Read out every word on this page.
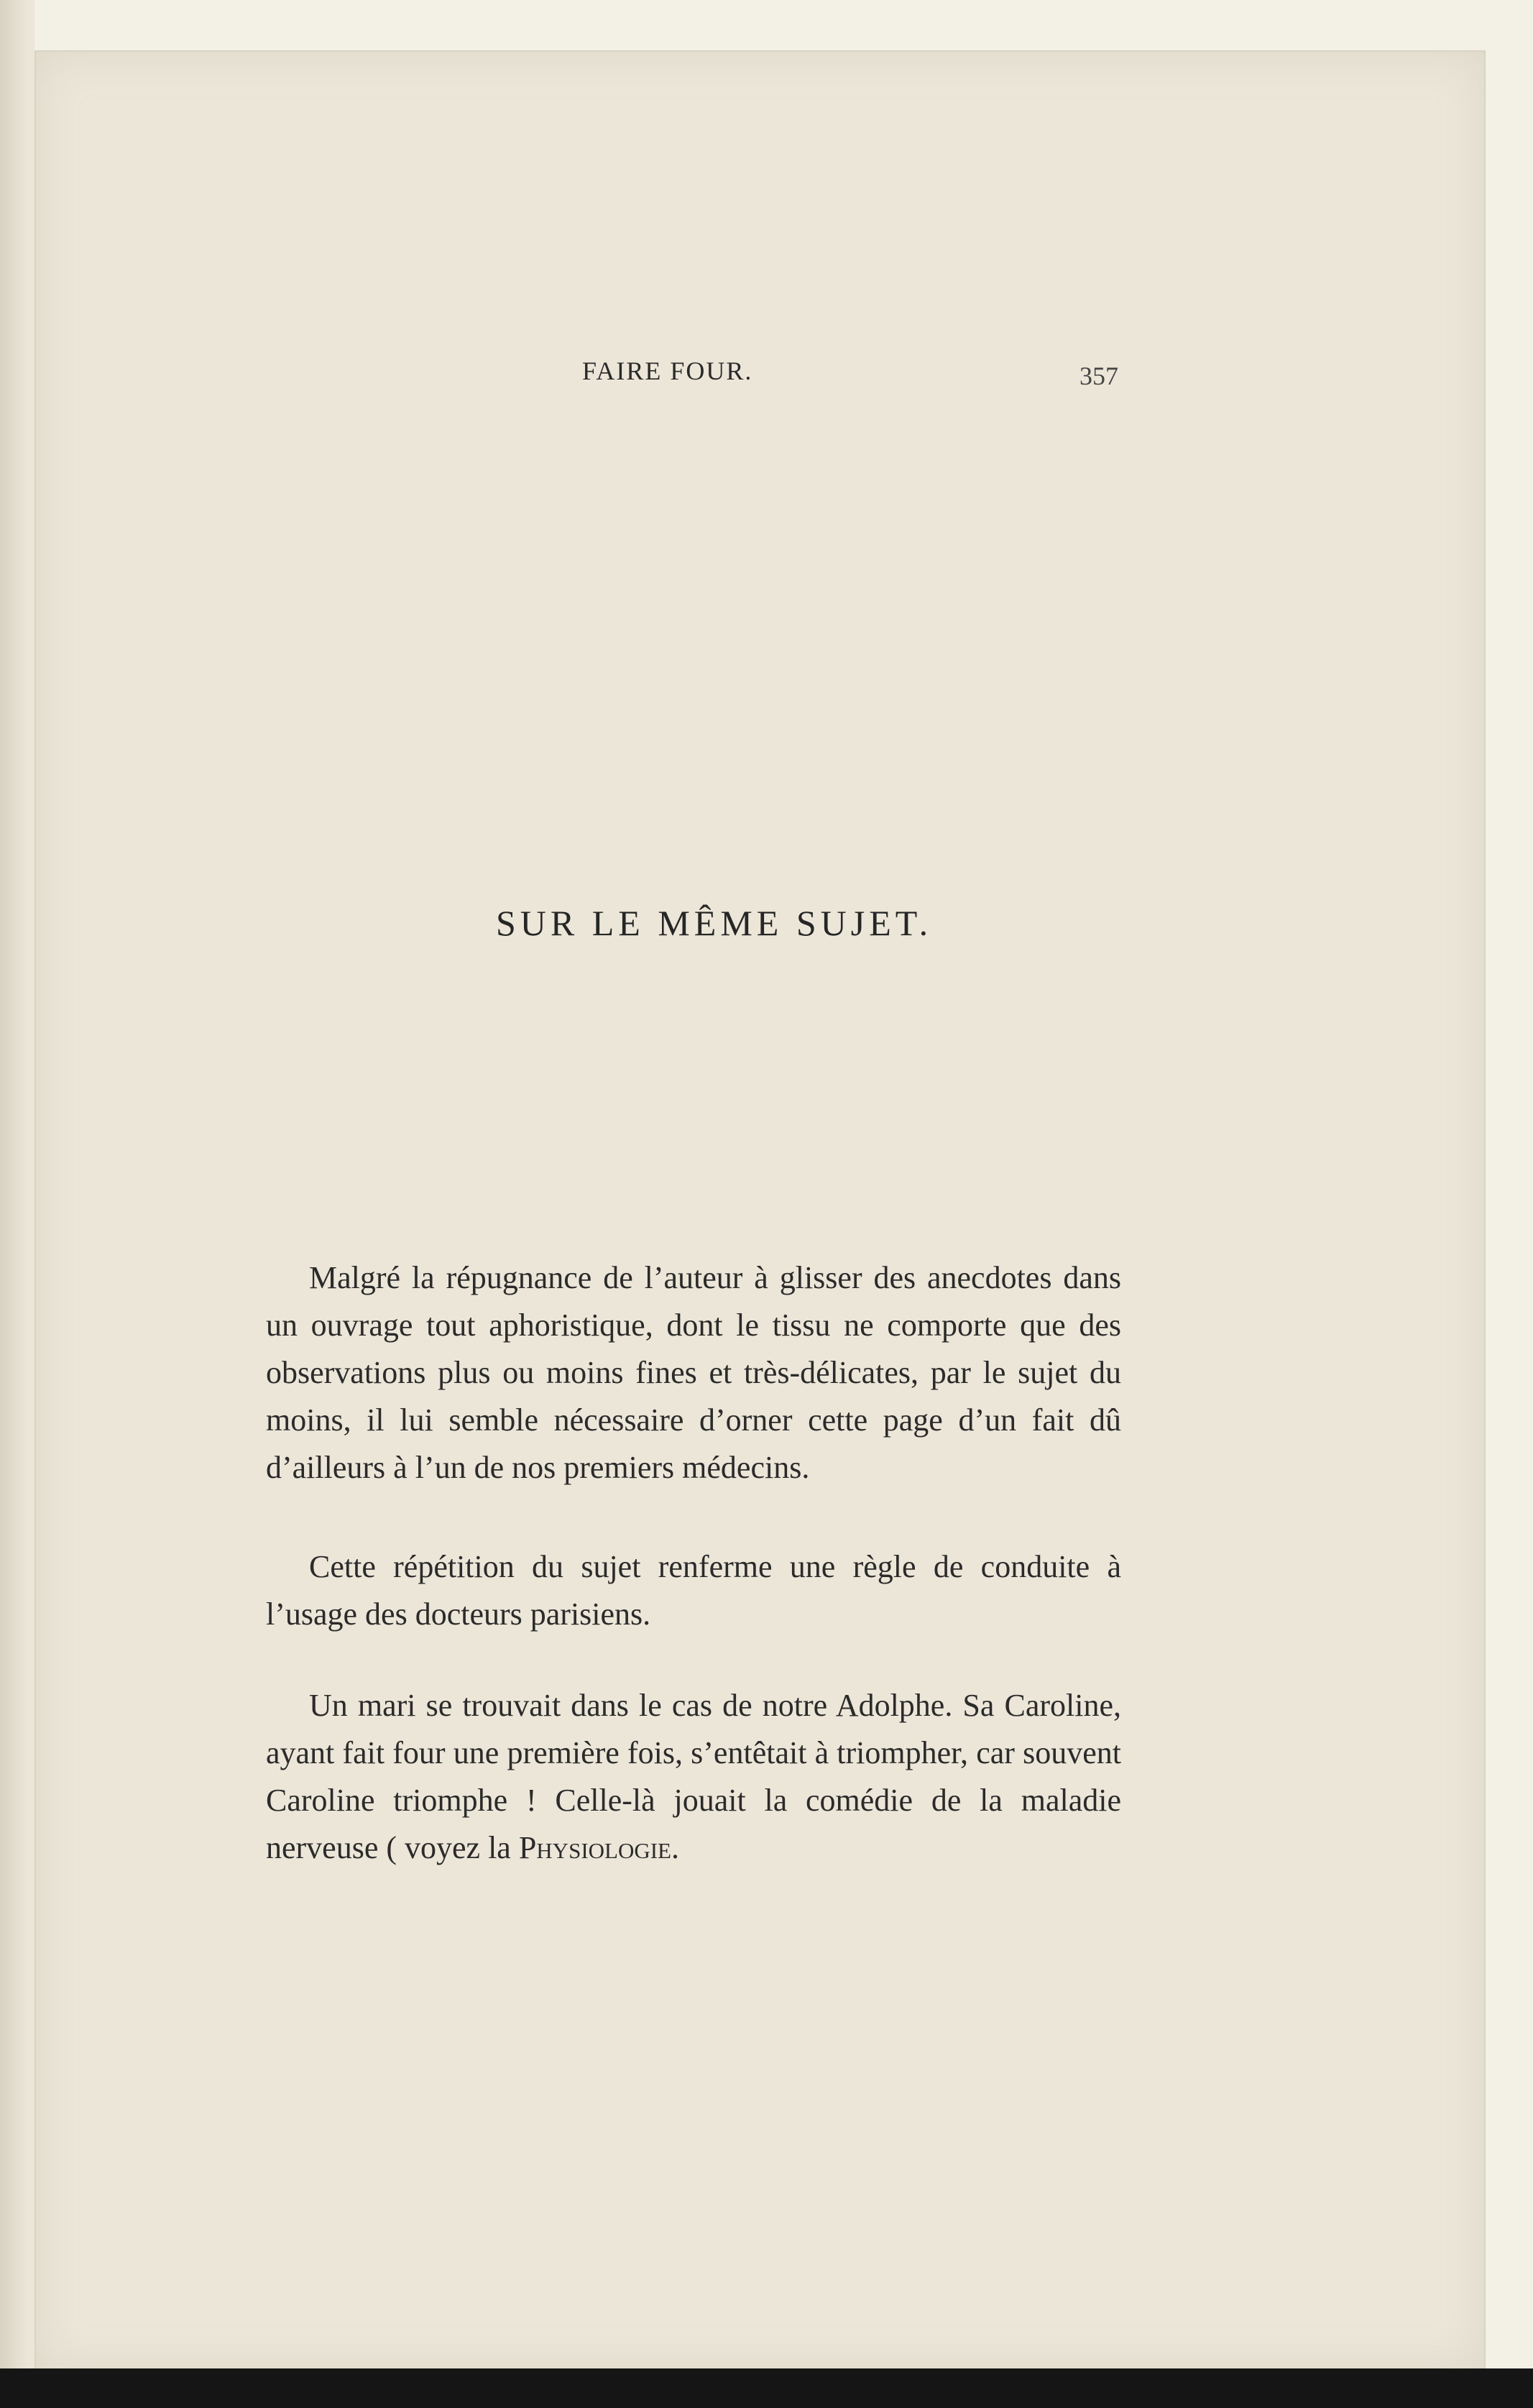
FAIRE FOUR.	357
SUR LE MÊME SUJET.

Malgré la répugnance de l’auteur à glisser des anecdotes dans un ouvrage tout aphoristique, dont le tissu ne comporte que des observations plus ou moins fines et très-délicates, par le sujet du moins, il lui semble nécessaire d’orner cette page d’un fait dû d’ailleurs à l’un de nos premiers médecins.

Cette répétition du sujet renferme une règle de conduite à l’usage des docteurs parisiens.

Un mari se trouvait dans le cas de notre Adolphe. Sa Caroline, ayant fait four une première fois, s’entêtait à triompher, car souvent Caroline triomphe ! Celle-là jouait la comédie de la maladie nerveuse ( voyez la Physiologie.
